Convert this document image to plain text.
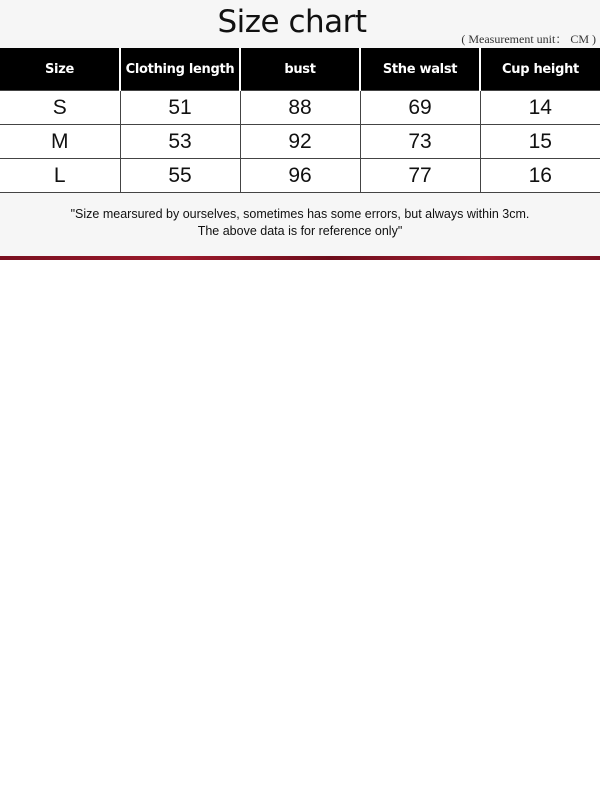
Size chart	( Measurement unit： CM )
Size	Clothing length	bust	Sthe walst	Cup height
S	51	88	69	14
M	53	92	73	15
L	55	96	77	16
"Size mearsured by ourselves, sometimes has some errors, but always within 3cm.
The above data is for reference only"
